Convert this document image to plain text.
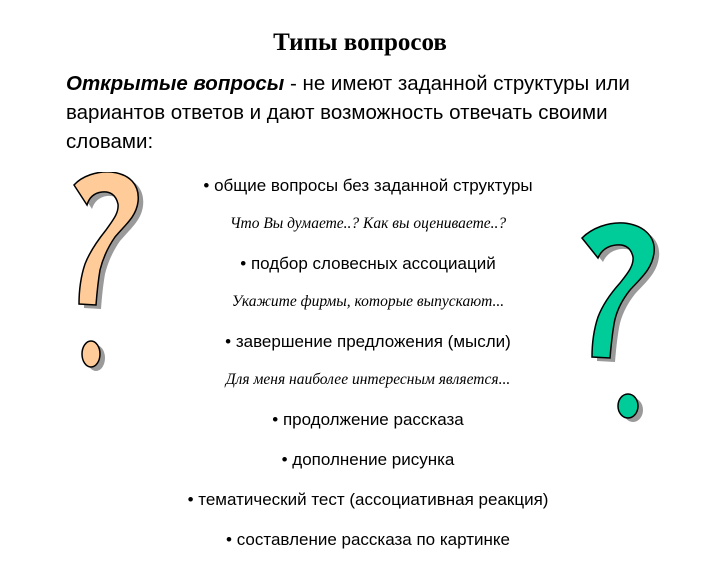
Типы вопросов
Открытые вопросы - не имеют заданной структуры или вариантов ответов и дают возможность отвечать своими словами:
• общие вопросы без заданной структуры
Что Вы думаете..? Как вы оцениваете..?
• подбор словесных ассоциаций
Укажите фирмы, которые выпускают...
• завершение предложения (мысли)
Для меня наиболее интересным является...
• продолжение рассказа
• дополнение рисунка
• тематический тест (ассоциативная реакция)
• составление рассказа по картинке
